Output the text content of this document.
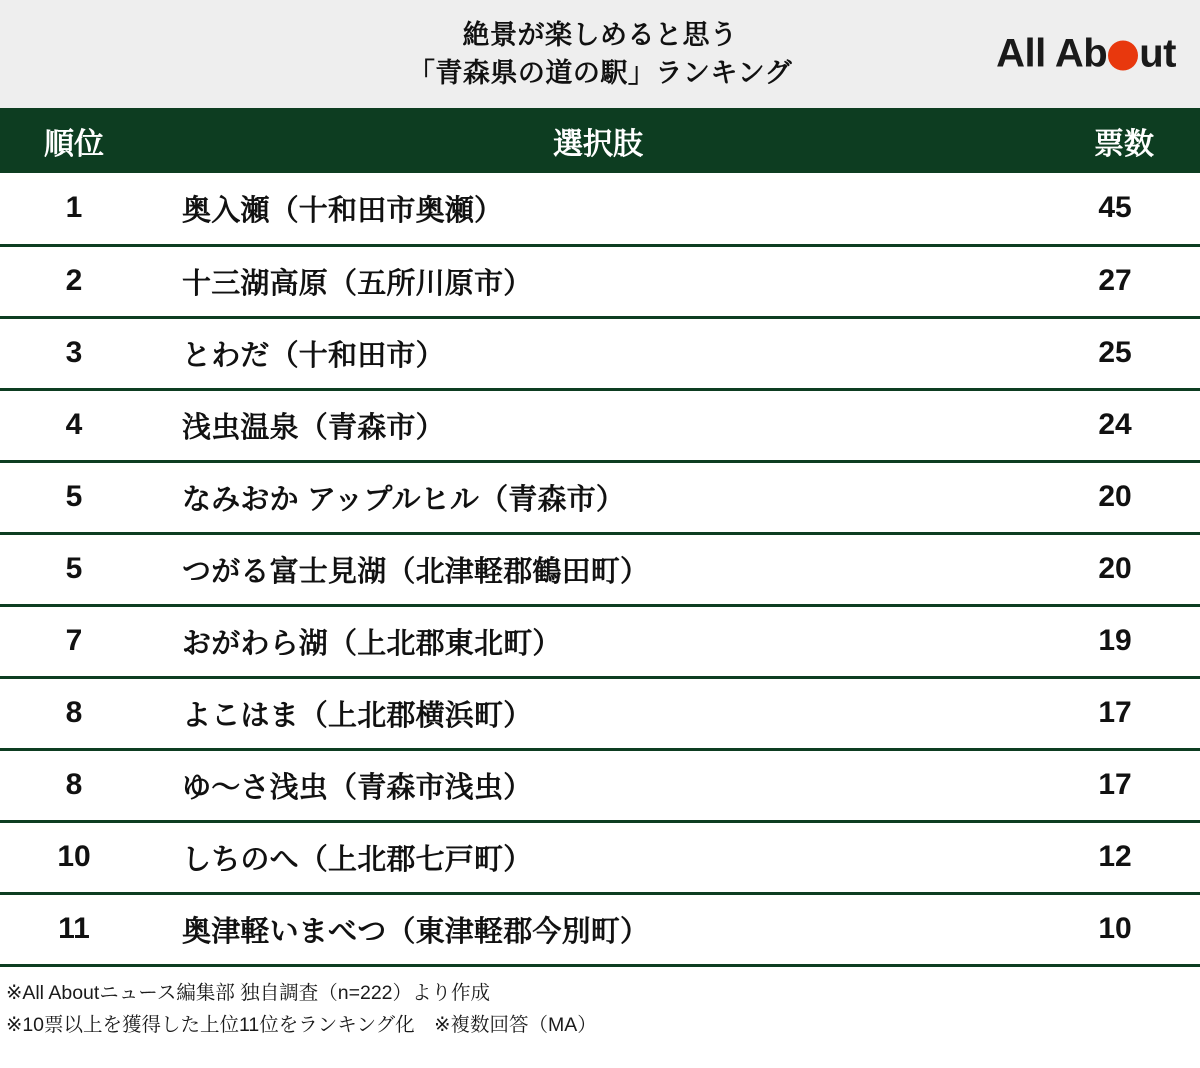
絶景が楽しめると思う
「青森県の道の駅」ランキング	All Ab ut
順位	選択肢	票数
1	奥入瀬（十和田市奥瀬）	45
2	十三湖高原（五所川原市）	27
3	とわだ（十和田市）	25
4	浅虫温泉（青森市）	24
5	なみおか アップルヒル（青森市）	20
5	つがる富士見湖（北津軽郡鶴田町）	20
7	おがわら湖（上北郡東北町）	19
8	よこはま（上北郡横浜町）	17
8	ゆ〜さ浅虫（青森市浅虫）	17
10	しちのへ（上北郡七戸町）	12
11	奥津軽いまべつ（東津軽郡今別町）	10
※All Aboutニュース編集部 独自調査（n=222）より作成
※10票以上を獲得した上位11位をランキング化　※複数回答（MA）
